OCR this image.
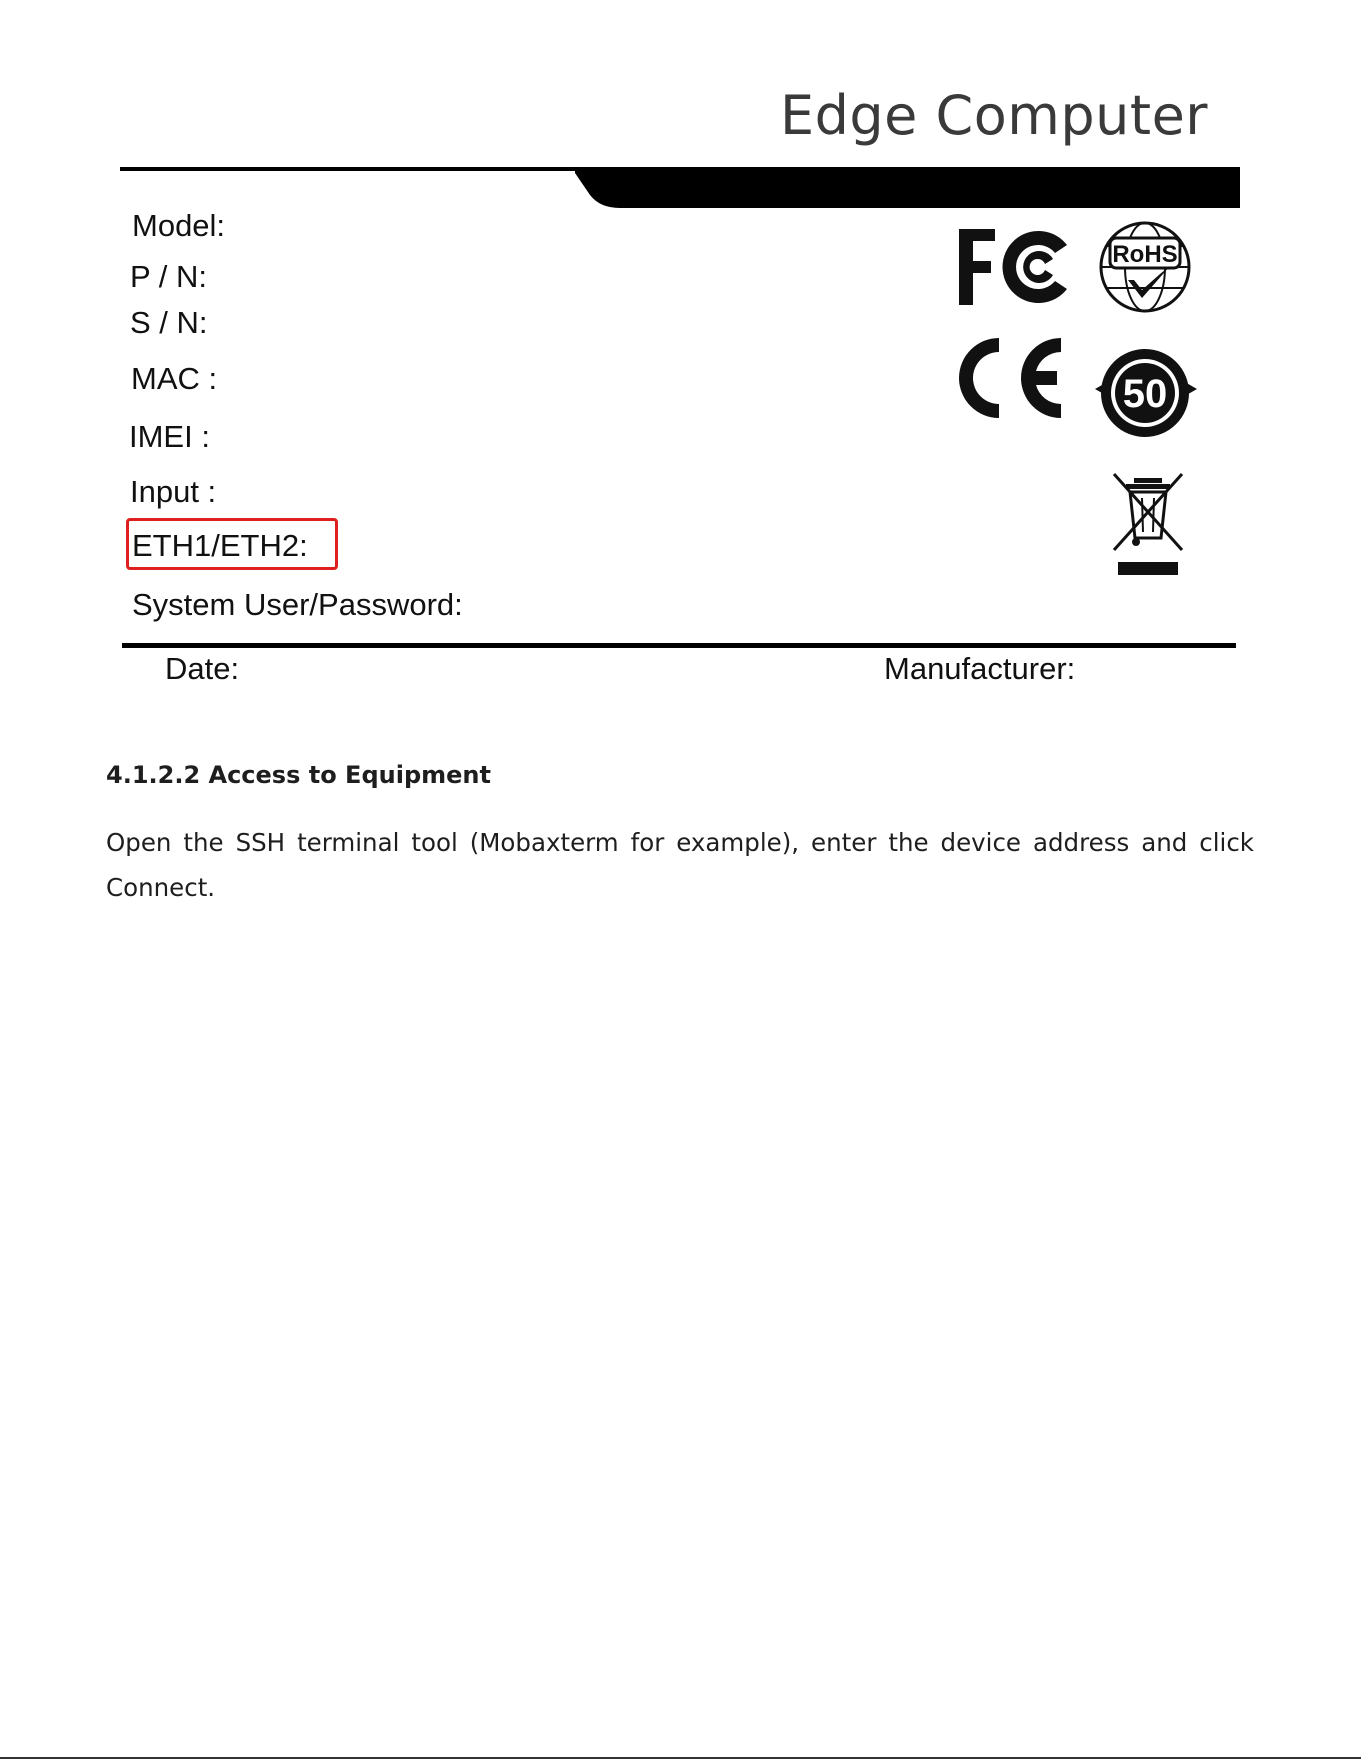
Edge Computer
Model:
P / N:
S / N:
MAC :
IMEI :
Input :
ETH1/ETH2:
System User/Password:
Date:	Manufacturer:
RoHS
50
4.1.2.2 Access to Equipment
Open the SSH terminal tool (Mobaxterm for example), enter the device address and click Connect.
